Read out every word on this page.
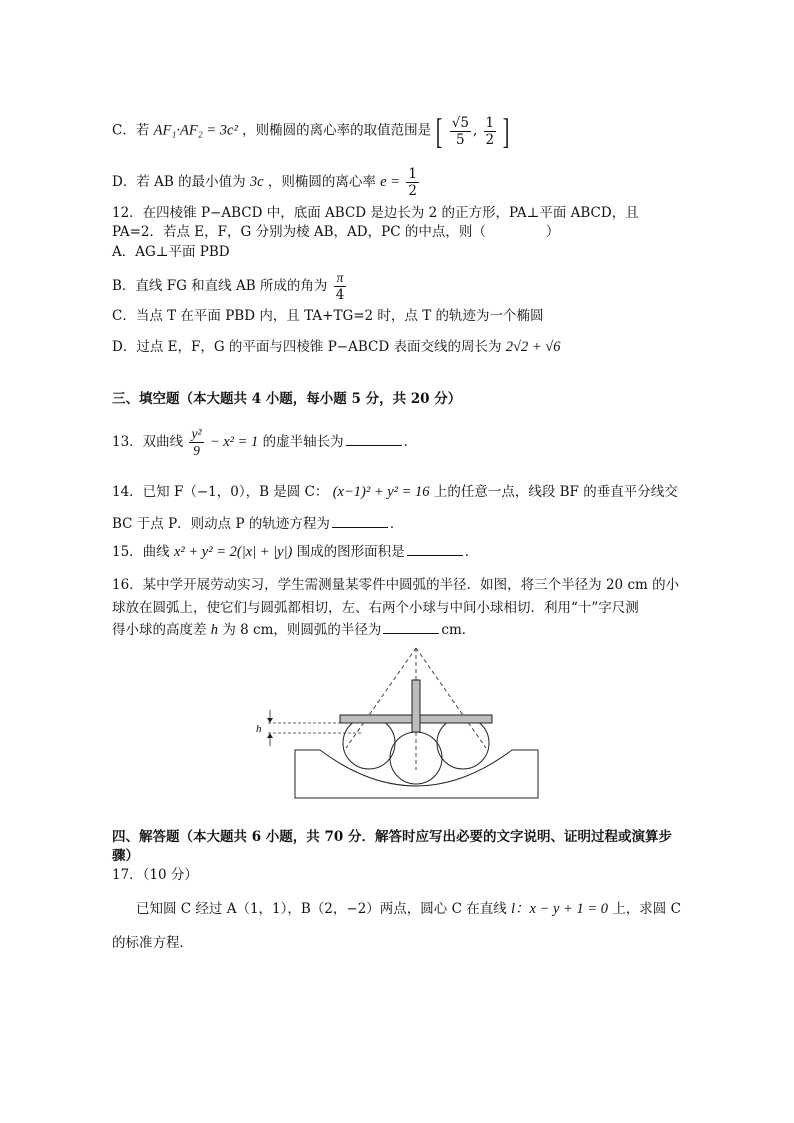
C．若 AF₁·AF₂ = 3c² ，则椭圆的离心率的取值范围是 [ $\frac{√5}{5}$ , $\frac{1}{2}$ ]
D．若 AB 的最小值为 3c ，则椭圆的离心率 $e = \frac{1}{2}$
12．在四棱锥 P−ABCD 中，底面 ABCD 是边长为 2 的正方形，PA⊥平面 ABCD，且
PA=2．若点 E，F，G 分别为棱 AB，AD，PC 的中点，则（	）
A．AG⊥平面 PBD
B．直线 FG 和直线 AB 所成的角为 $\frac{\pi}{4}$
C．当点 T 在平面 PBD 内，且 TA+TG=2 时，点 T 的轨迹为一个椭圆
D．过点 E，F，G 的平面与四棱锥 P−ABCD 表面交线的周长为 2√2 + √6
三、填空题（本大题共 4 小题，每小题 5 分，共 20 分）
13．双曲线 $\frac{\text{y²}}{9} - x^2 = 1$ 的虚半轴长为	．
14．已知 F（−1，0），B 是圆 C： (x−1)² + y² = 16 上的任意一点，线段 BF 的垂直平分线交
BC 于点 P．则动点 P 的轨迹方程为	．
15．曲线 x² + y² = 2(|x| + |y|) 围成的图形面积是	．
16．某中学开展劳动实习，学生需测量某零件中圆弧的半径．如图，将三个半径为 20 cm 的小
球放在圆弧上，使它们与圆弧都相切，左、右两个小球与中间小球相切．利用“十”字尺测
得小球的高度差 h 为 8 cm，则圆弧的半径为	cm．
h
四、解答题（本大题共 6 小题，共 70 分．解答时应写出必要的文字说明、证明过程或演算步
骤）
17．（10 分）
已知圆 C 经过 A（1，1），B（2，−2）两点，圆心 C 在直线 l：x − y + 1 = 0 上，求圆 C
的标准方程．
